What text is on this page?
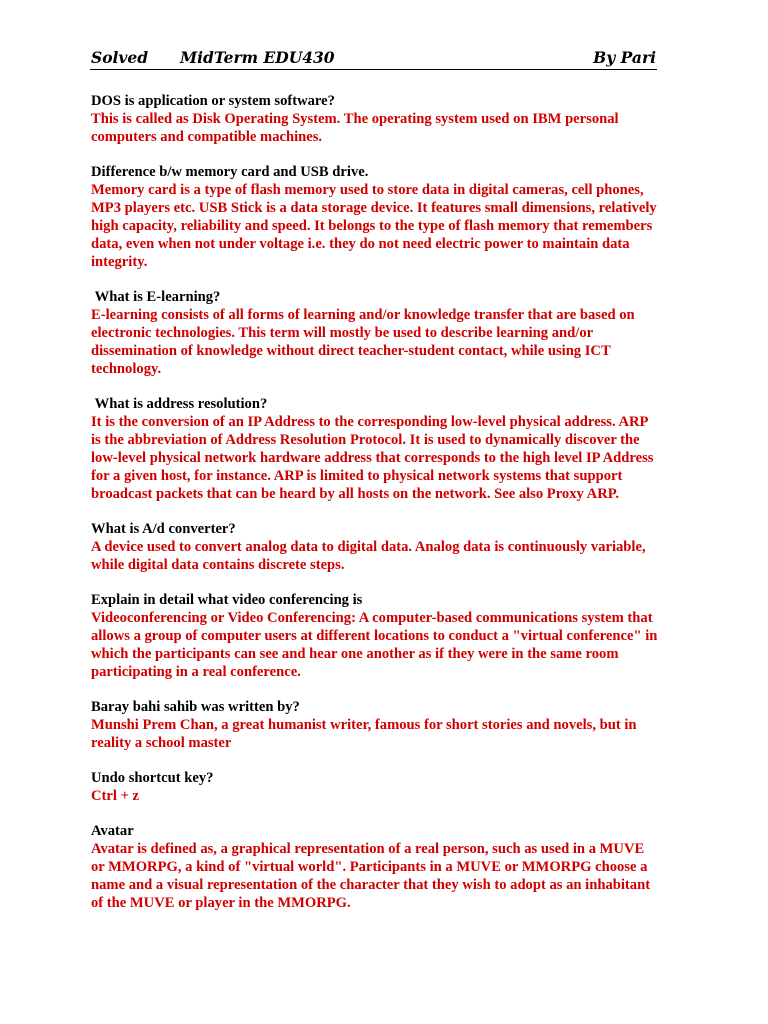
Solved MidTerm EDU430	By Pari
DOS is application or system software?
This is called as Disk Operating System. The operating system used on IBM personal
computers and compatible machines.
Difference b/w memory card and USB drive.
Memory card is a type of flash memory used to store data in digital cameras, cell phones,
MP3 players etc. USB Stick is a data storage device. It features small dimensions, relatively
high capacity, reliability and speed. It belongs to the type of flash memory that remembers
data, even when not under voltage i.e. they do not need electric power to maintain data
integrity.
What is E-learning?
E-learning consists of all forms of learning and/or knowledge transfer that are based on
electronic technologies. This term will mostly be used to describe learning and/or
dissemination of knowledge without direct teacher-student contact, while using ICT
technology.
What is address resolution?
It is the conversion of an IP Address to the corresponding low-level physical address. ARP
is the abbreviation of Address Resolution Protocol. It is used to dynamically discover the
low-level physical network hardware address that corresponds to the high level IP Address
for a given host, for instance. ARP is limited to physical network systems that support
broadcast packets that can be heard by all hosts on the network. See also Proxy ARP.
What is A/d converter?
A device used to convert analog data to digital data. Analog data is continuously variable,
while digital data contains discrete steps.
Explain in detail what video conferencing is
Videoconferencing or Video Conferencing: A computer-based communications system that
allows a group of computer users at different locations to conduct a "virtual conference" in
which the participants can see and hear one another as if they were in the same room
participating in a real conference.
Baray bahi sahib was written by?
Munshi Prem Chan, a great humanist writer, famous for short stories and novels, but in
reality a school master
Undo shortcut key?
Ctrl + z
Avatar
Avatar is defined as, a graphical representation of a real person, such as used in a MUVE
or MMORPG, a kind of "virtual world". Participants in a MUVE or MMORPG choose a
name and a visual representation of the character that they wish to adopt as an inhabitant
of the MUVE or player in the MMORPG.
